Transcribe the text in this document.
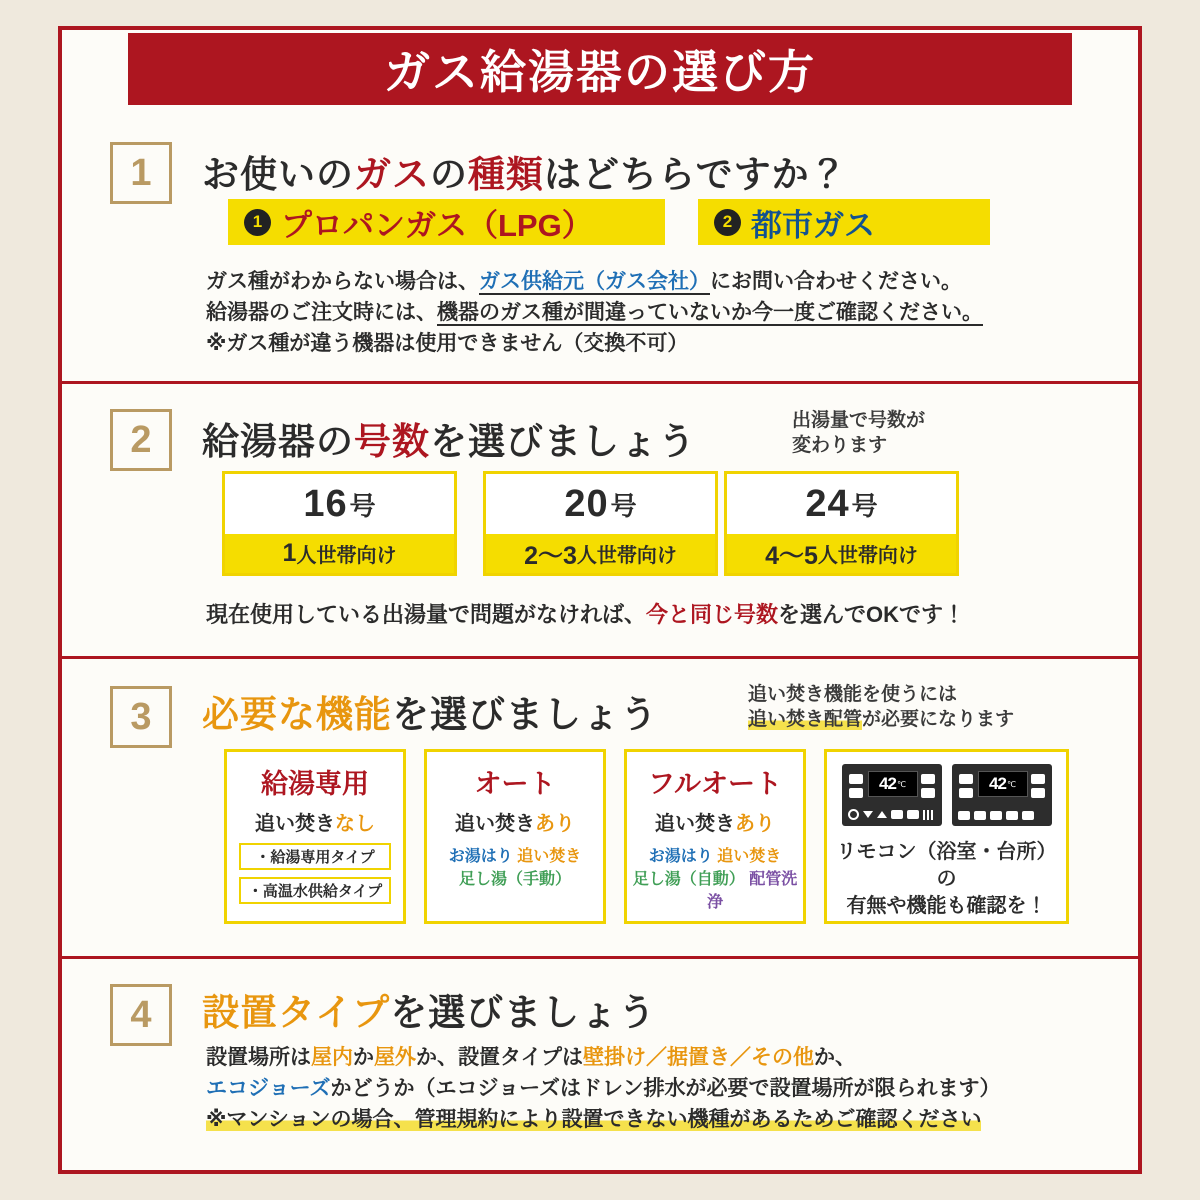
ガス給湯器の選び方
1	お使いのガスの種類はどちらですか？
1 プロパンガス（LPG）	2 都市ガス
ガス種がわからない場合は、ガス供給元（ガス会社）にお問い合わせください。
給湯器のご注文時には、機器のガス種が間違っていないか今一度ご確認ください。
※ガス種が違う機器は使用できません（交換不可）
2	給湯器の号数を選びましょう
出湯量で号数が
変わります
16 号
1 人世帯向け
20 号
2〜3 人世帯向け
24 号
4〜5 人世帯向け
現在使用している出湯量で問題がなければ、今と同じ号数を選んでOKです！
3	必要な機能を選びましょう	追い焚き機能を使うには
追い焚き配管が必要になります
給湯専用
追い焚きなし
・給湯専用タイプ
・高温水供給タイプ
オート
追い焚きあり
お湯はり 追い焚き
足し湯（手動）
フルオート
追い焚きあり
お湯はり 追い焚き
足し湯（自動） 配管洗浄
42 ℃	42 ℃
リモコン（浴室・台所）の
有無や機能も確認を！
4	設置タイプを選びましょう
設置場所は屋内か屋外か、設置タイプは壁掛け／据置き／その他か、
エコジョーズかどうか（エコジョーズはドレン排水が必要で設置場所が限られます）
※マンションの場合、管理規約により設置できない機種があるためご確認ください
